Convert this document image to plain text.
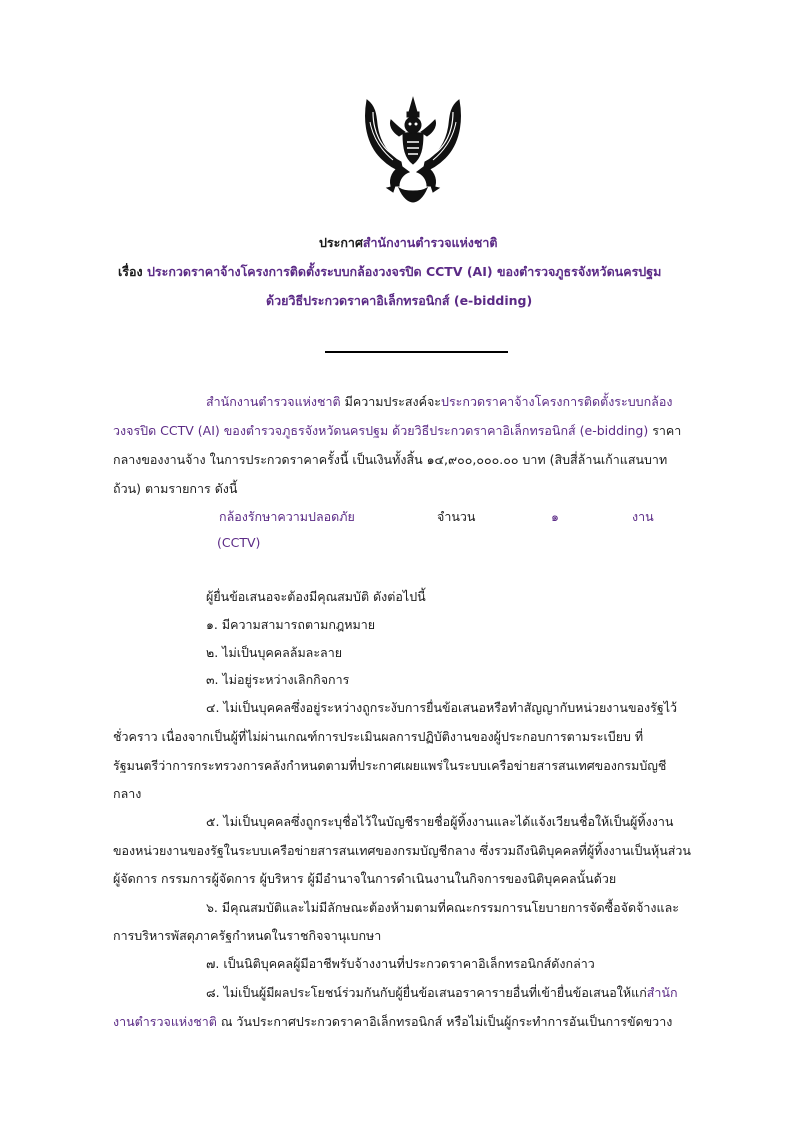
ประกาศสำนักงานตำรวจแห่งชาติ
เรื่อง ประกวดราคาจ้างโครงการติดตั้งระบบกล้องวงจรปิด CCTV (AI) ของตำรวจภูธรจังหวัดนครปฐม
ด้วยวิธีประกวดราคาอิเล็กทรอนิกส์ (e-bidding)
สำนักงานตำรวจแห่งชาติ มีความประสงค์จะประกวดราคาจ้างโครงการติดตั้งระบบกล้อง
วงจรปิด CCTV (AI) ของตำรวจภูธรจังหวัดนครปฐม ด้วยวิธีประกวดราคาอิเล็กทรอนิกส์ (e-bidding) ราคา
กลางของงานจ้าง ในการประกวดราคาครั้งนี้ เป็นเงินทั้งสิ้น ๑๔,๙๐๐,๐๐๐.๐๐ บาท (สิบสี่ล้านเก้าแสนบาท
ถ้วน) ตามรายการ ดังนี้
กล้องรักษาความปลอดภัย	จำนวน	๑	งาน
(CCTV)
ผู้ยื่นข้อเสนอจะต้องมีคุณสมบัติ ดังต่อไปนี้
๑. มีความสามารถตามกฎหมาย
๒. ไม่เป็นบุคคลล้มละลาย
๓. ไม่อยู่ระหว่างเลิกกิจการ
๔. ไม่เป็นบุคคลซึ่งอยู่ระหว่างถูกระงับการยื่นข้อเสนอหรือทำสัญญากับหน่วยงานของรัฐไว้
ชั่วคราว เนื่องจากเป็นผู้ที่ไม่ผ่านเกณฑ์การประเมินผลการปฏิบัติงานของผู้ประกอบการตามระเบียบ ที่
รัฐมนตรีว่าการกระทรวงการคลังกำหนดตามที่ประกาศเผยแพร่ในระบบเครือข่ายสารสนเทศของกรมบัญชี
กลาง
๕. ไม่เป็นบุคคลซึ่งถูกระบุชื่อไว้ในบัญชีรายชื่อผู้ทิ้งงานและได้แจ้งเวียนชื่อให้เป็นผู้ทิ้งงาน
ของหน่วยงานของรัฐในระบบเครือข่ายสารสนเทศของกรมบัญชีกลาง ซึ่งรวมถึงนิติบุคคลที่ผู้ทิ้งงานเป็นหุ้นส่วน
ผู้จัดการ กรรมการผู้จัดการ ผู้บริหาร ผู้มีอำนาจในการดำเนินงานในกิจการของนิติบุคคลนั้นด้วย
๖. มีคุณสมบัติและไม่มีลักษณะต้องห้ามตามที่คณะกรรมการนโยบายการจัดซื้อจัดจ้างและ
การบริหารพัสดุภาครัฐกำหนดในราชกิจจานุเบกษา
๗. เป็นนิติบุคคลผู้มีอาชีพรับจ้างงานที่ประกวดราคาอิเล็กทรอนิกส์ดังกล่าว
๘. ไม่เป็นผู้มีผลประโยชน์ร่วมกันกับผู้ยื่นข้อเสนอราคารายอื่นที่เข้ายื่นข้อเสนอให้แก่สำนัก
งานตำรวจแห่งชาติ ณ วันประกาศประกวดราคาอิเล็กทรอนิกส์ หรือไม่เป็นผู้กระทำการอันเป็นการขัดขวาง
